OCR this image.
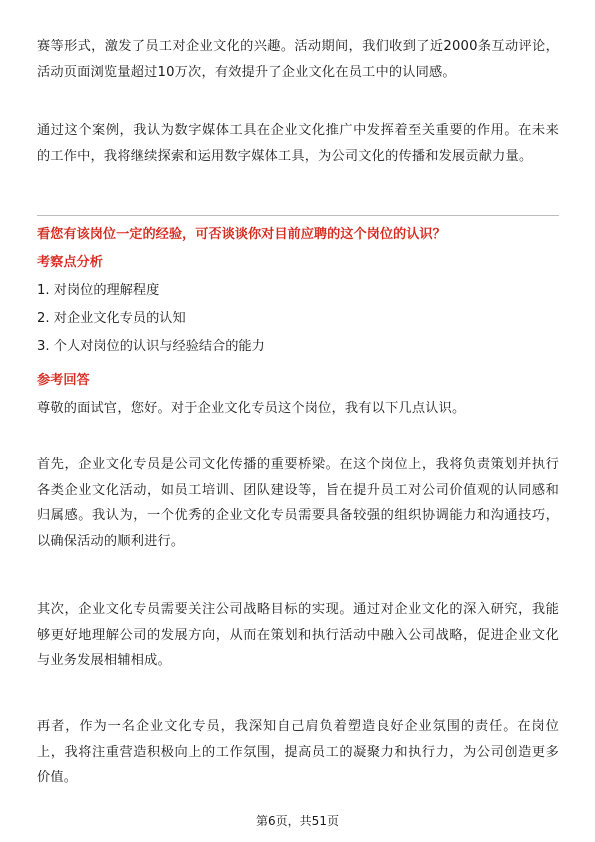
赛等形式，激发了员工对企业文化的兴趣。活动期间，我们收到了近2000条互动评论，活动页面浏览量超过10万次，有效提升了企业文化在员工中的认同感。

通过这个案例，我认为数字媒体工具在企业文化推广中发挥着至关重要的作用。在未来的工作中，我将继续探索和运用数字媒体工具，为公司文化的传播和发展贡献力量。

看您有该岗位一定的经验，可否谈谈你对目前应聘的这个岗位的认识？

考察点分析

1. 对岗位的理解程度

2. 对企业文化专员的认知

3. 个人对岗位的认识与经验结合的能力

参考回答

尊敬的面试官，您好。对于企业文化专员这个岗位，我有以下几点认识。

首先，企业文化专员是公司文化传播的重要桥梁。在这个岗位上，我将负责策划并执行各类企业文化活动，如员工培训、团队建设等，旨在提升员工对公司价值观的认同感和归属感。我认为，一个优秀的企业文化专员需要具备较强的组织协调能力和沟通技巧，以确保活动的顺利进行。

其次，企业文化专员需要关注公司战略目标的实现。通过对企业文化的深入研究，我能够更好地理解公司的发展方向，从而在策划和执行活动中融入公司战略，促进企业文化与业务发展相辅相成。

再者，作为一名企业文化专员，我深知自己肩负着塑造良好企业氛围的责任。在岗位上，我将注重营造积极向上的工作氛围，提高员工的凝聚力和执行力，为公司创造更多价值。

第6页，共51页
